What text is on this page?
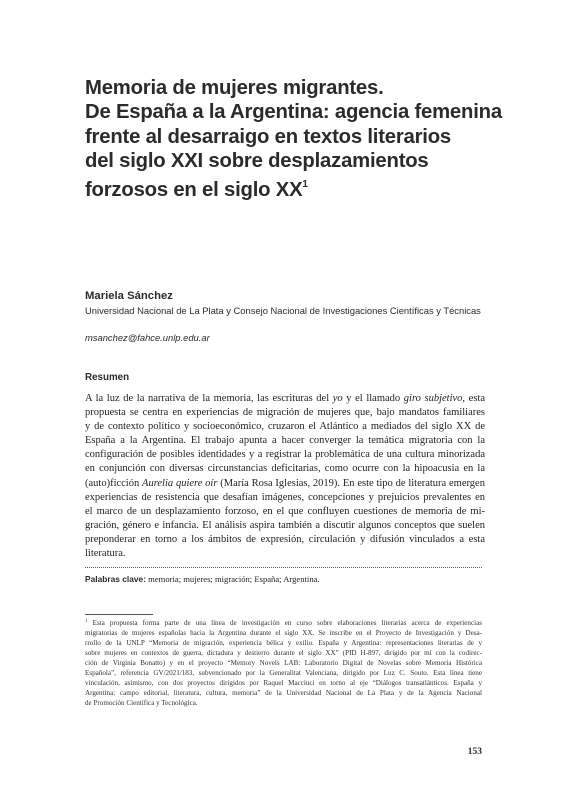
Memoria de mujeres migrantes.
De España a la Argentina: agencia femenina
frente al desarraigo en textos literarios
del siglo XXI sobre desplazamientos
forzosos en el siglo $XX^1$
Mariela Sánchez
Universidad Nacional de La Plata y Consejo Nacional de Investigaciones Científicas y Técnicas
msanchez@fahce.unlp.edu.ar
Resumen
A la luz de la narrativa de la memoria, las escrituras del yo y el llamado giro subjetivo, esta
propuesta se centra en experiencias de migración de mujeres que, bajo mandatos familiares
y de contexto político y socioeconómico, cruzaron el Atlántico a mediados del siglo XX de
España a la Argentina. El trabajo apunta a hacer converger la temática migratoria con la
configuración de posibles identidades y a registrar la problemática de una cultura minorizada
en conjunción con diversas circunstancias deficitarias, como ocurre con la hipoacusia en la
(auto)ficción Aurelia quiere oír (María Rosa Iglesias, 2019). En este tipo de literatura emergen
experiencias de resistencia que desafían imágenes, concepciones y prejuicios prevalentes en
el marco de un desplazamiento forzoso, en el que confluyen cuestiones de memoria de mi-
gración, género e infancia. El análisis aspira también a discutir algunos conceptos que suelen
preponderar en torno a los ámbitos de expresión, circulación y difusión vinculados a esta
literatura.
Palabras clave: memoria; mujeres; migración; España; Argentina.
$^1$ Esta propuesta forma parte de una línea de investigación en curso sobre elaboraciones literarias acerca de experiencias
migratorias de mujeres españolas hacia la Argentina durante el siglo XX. Se inscribe en el Proyecto de Investigación y Desa-
rrollo de la UNLP “Memoria de migración, experiencia bélica y exilio. España y Argentina: representaciones literarias de y
sobre mujeres en contextos de guerra, dictadura y destierro durante el siglo XX” (PID H-897, dirigido por mí con la codirec-
ción de Virginia Bonatto) y en el proyecto “Memory Novels LAB: Laboratorio Digital de Novelas sobre Memoria Histórica
Española”, referencia GV/2021/183, subvencionado por la Generalitat Valenciana, dirigido por Luz C. Souto. Esta línea tiene
vinculación, asimismo, con dos proyectos dirigidos por Raquel Macciuci en torno al eje “Diálogos transatlánticos. España y
Argentina: campo editorial, literatura, cultura, memoria” de la Universidad Nacional de La Plata y de la Agencia Nacional
de Promoción Científica y Tecnológica.
153
